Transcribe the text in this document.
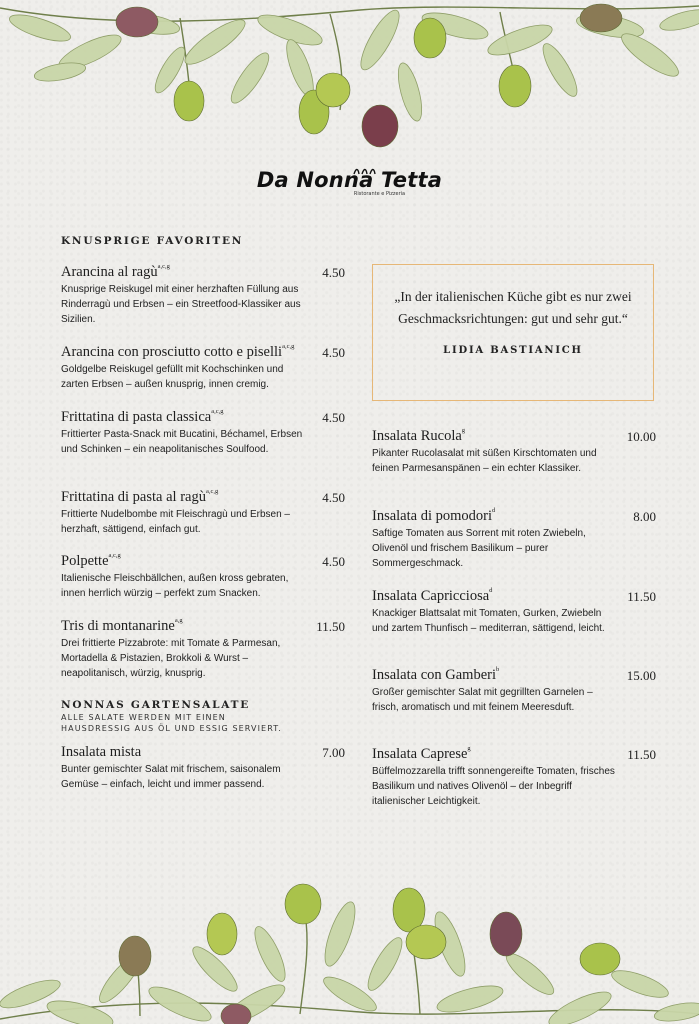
Da Nonna Tetta
Ristorante e Pizzeria
KNUSPRIGE FAVORITEN
Arancina al ragù$^{a,c,g}$	4.50
Knusprige Reiskugel mit einer herzhaften Füllung aus Rinderragù und Erbsen – ein Streetfood-Klassiker aus Sizilien.
Arancina con prosciutto cotto e piselli$^{a,c,g}$ 4.50
Goldgelbe Reiskugel gefüllt mit Kochschinken und zarten Erbsen – außen knusprig, innen cremig.
Frittatina di pasta classica$^{a,c,g}$	4.50
Frittierter Pasta-Snack mit Bucatini, Béchamel, Erbsen und Schinken – ein neapolitanisches Soulfood.
Frittatina di pasta al ragù$^{a,c,g}$	4.50
Frittierte Nudelbombe mit Fleischragù und Erbsen – herzhaft, sättigend, einfach gut.
Polpette$^{a,c,g}$	4.50
Italienische Fleischbällchen, außen kross gebraten, innen herrlich würzig – perfekt zum Snacken.
Tris di montanarine$^{a,g}$	11.50
Drei frittierte Pizzabrote: mit Tomate & Parmesan, Mortadella & Pistazien, Brokkoli & Wurst – neapolitanisch, würzig, knusprig.
NONNAS GARTENSALATE
ALLE SALATE WERDEN MIT EINEN HAUSDRESSIG AUS ÖL UND ESSIG SERVIERT.
Insalata mista	7.00
Bunter gemischter Salat mit frischem, saisonalem Gemüse – einfach, leicht und immer passend.
„In der italienischen Küche gibt es nur zwei Geschmacksrichtungen: gut und sehr gut.“
LIDIA BASTIANICH
Insalata Rucola$^g$	10.00
Pikanter Rucolasalat mit süßen Kirschtomaten und feinen Parmesanspänen – ein echter Klassiker.
Insalata di pomodori$^d$	8.00
Saftige Tomaten aus Sorrent mit roten Zwiebeln, Olivenöl und frischem Basilikum – purer Sommergeschmack.
Insalata Capricciosa$^d$	11.50
Knackiger Blattsalat mit Tomaten, Gurken, Zwiebeln und zartem Thunfisch – mediterran, sättigend, leicht.
Insalata con Gamberi$^b$	15.00
Großer gemischter Salat mit gegrillten Garnelen – frisch, aromatisch und mit feinem Meeresduft.
Insalata Caprese$^g$	11.50
Büffelmozzarella trifft sonnengereifte Tomaten, frisches Basilikum und natives Olivenöl – der Inbegriff italienischer Leichtigkeit.
